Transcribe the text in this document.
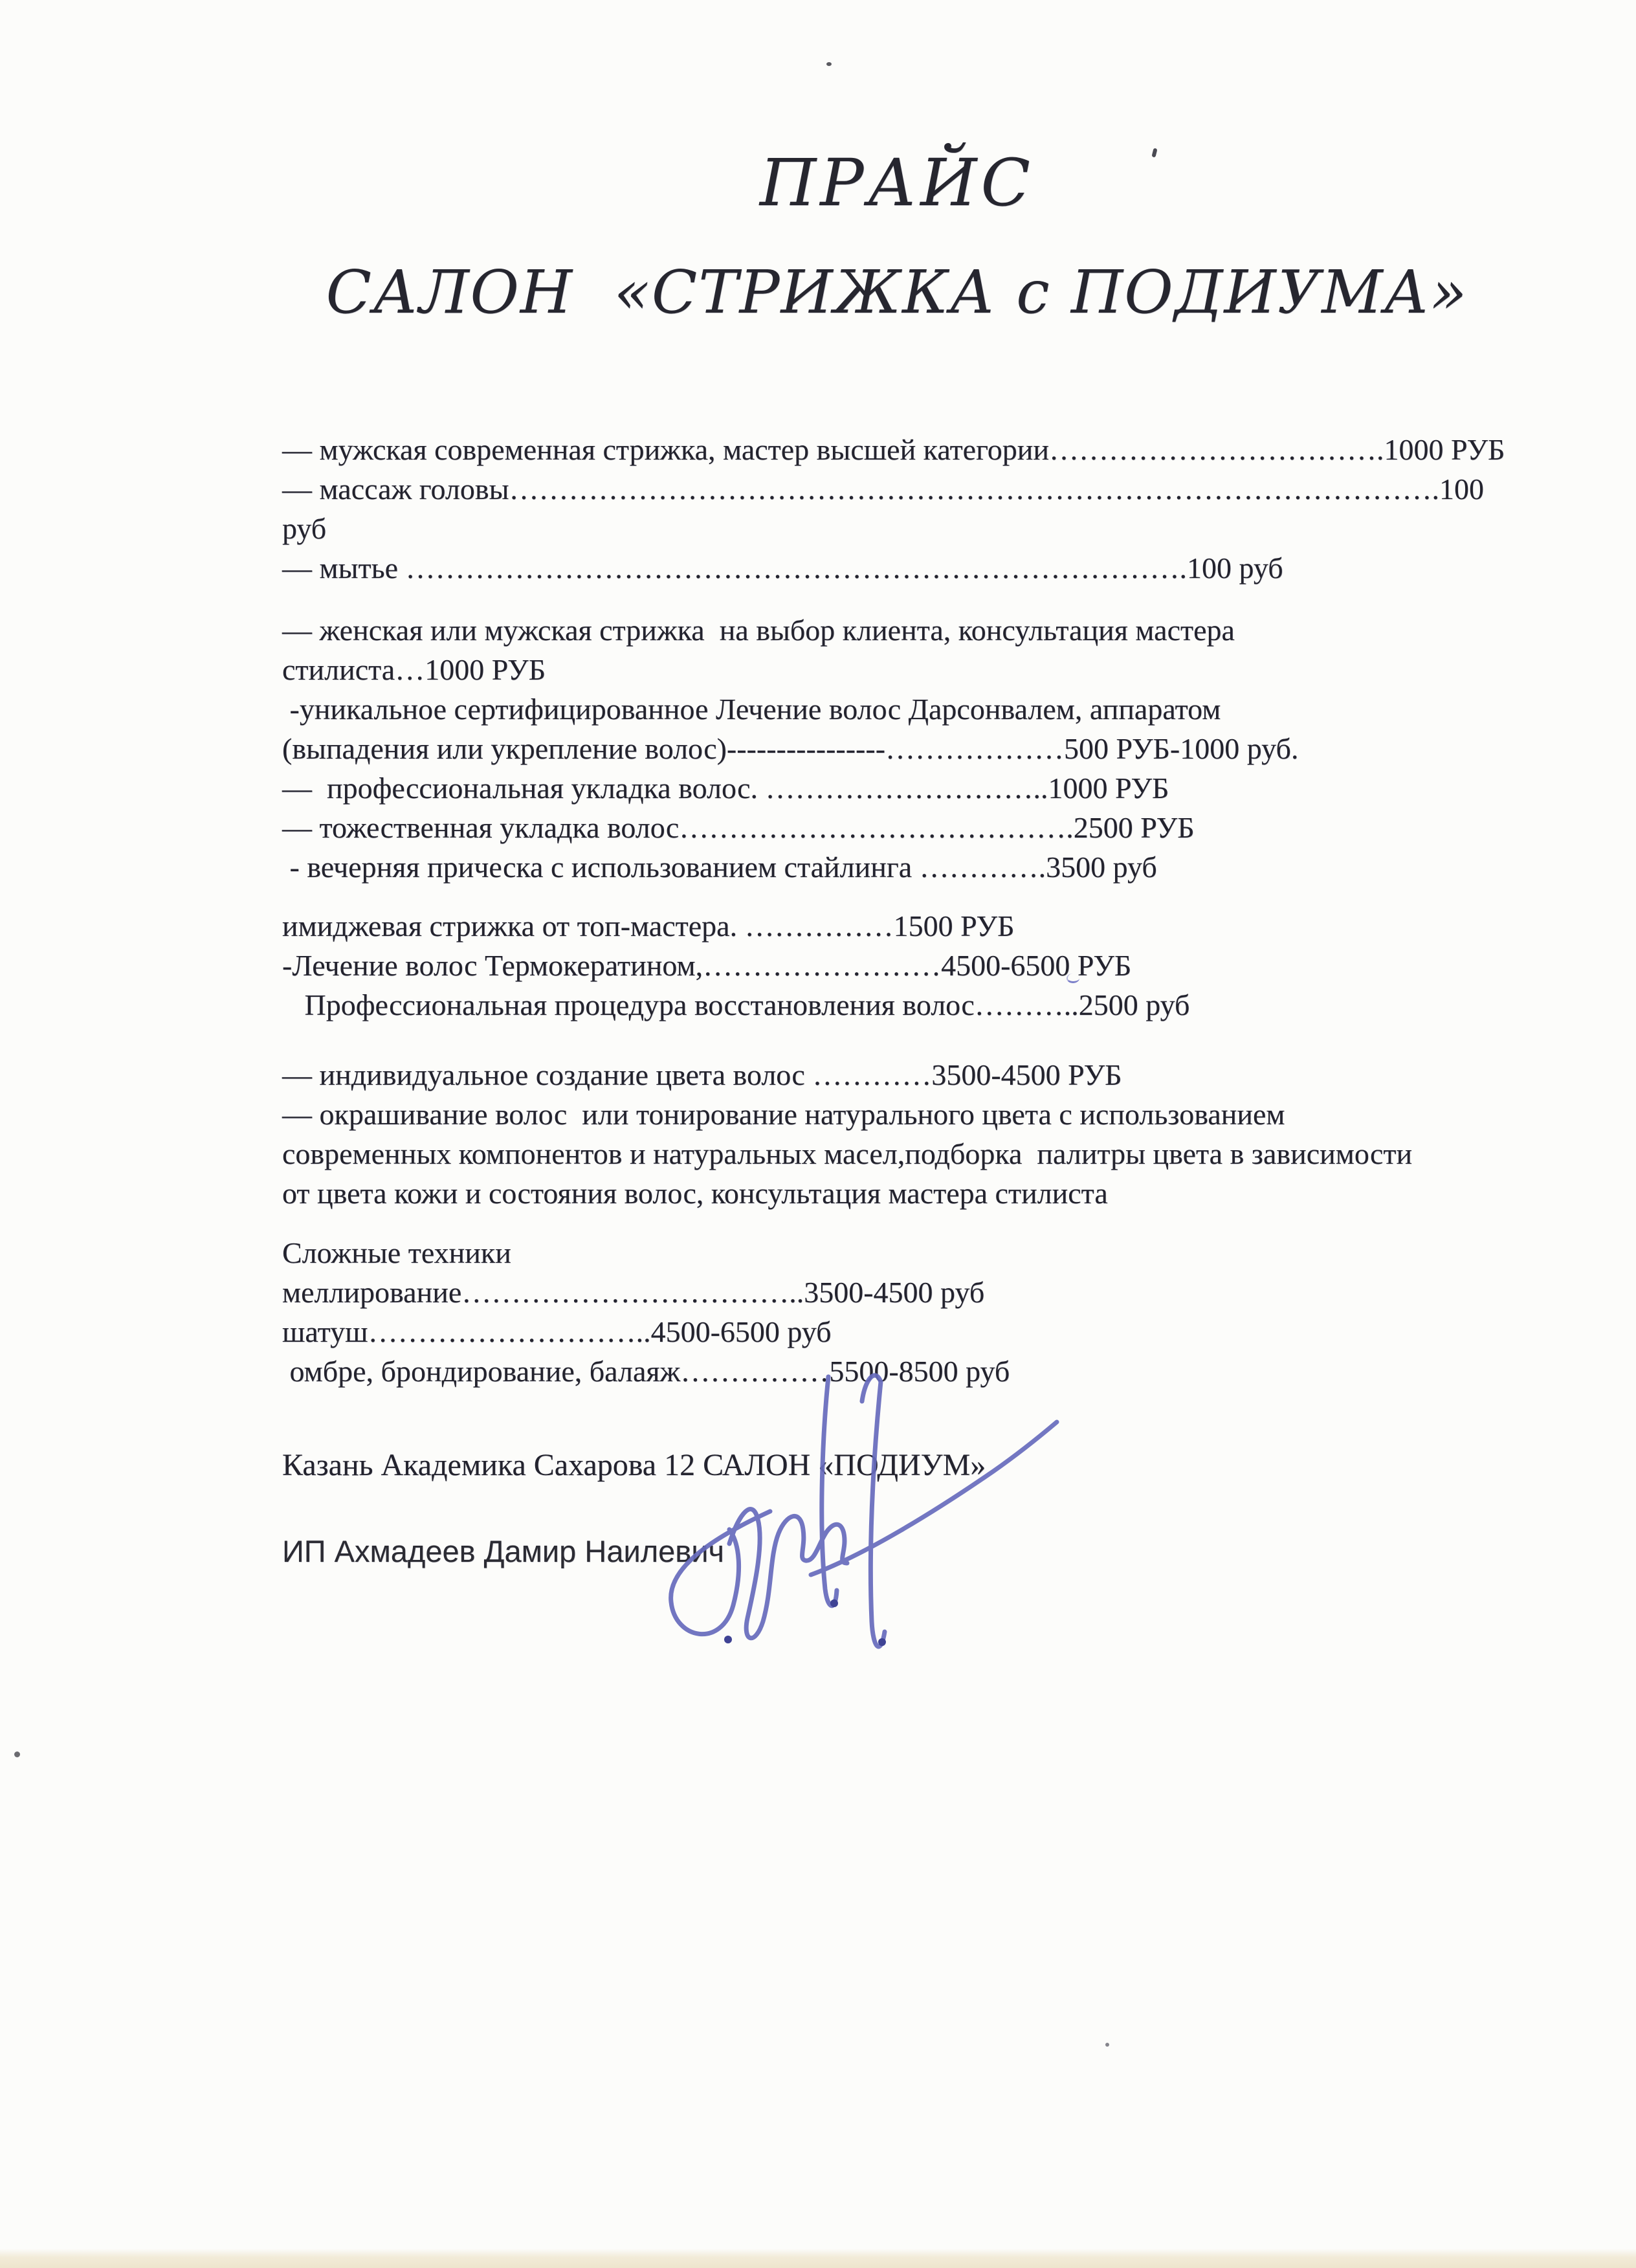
ПРАЙС
САЛОН  «СТРИЖКА с ПОДИУМА»
— мужская современная стрижка, мастер высшей категории…………………………….1000 РУБ
— массаж головы………………………………………………………………………………….100 руб
— мытье …………………………………………………………………….100 руб
— женская или мужская стрижка  на выбор клиента, консультация мастера
стилиста…1000 РУБ
-уникальное сертифицированное Лечение волос Дарсонвалем, аппаратом
(выпадения или укрепление волос)----------------………………500 РУБ-1000 руб.
—  профессиональная укладка волос. ………………………..1000 РУБ
— тожественная укладка волос………………………………….2500 РУБ
- вечерняя прическа с использованием стайлинга ………….3500 руб
имиджевая стрижка от топ-мастера. ……………1500 РУБ
-Лечение волос Термокератином,……………………4500-6500 РУБ
Профессиональная процедура восстановления волос………..2500 руб
— индивидуальное создание цвета волос …………3500-4500 РУБ
— окрашивание волос  или тонирование натурального цвета с использованием
современных компонентов и натуральных масел,подборка  палитры цвета в зависимости
от цвета кожи и состояния волос, консультация мастера стилиста
Сложные техники
меллирование……………………………..3500-4500 руб
шатуш………………………..4500-6500 руб
омбре, брондирование, балаяж……………5500-8500 руб
Казань Академика Сахарова 12 САЛОН «ПОДИУМ»
ИП Ахмадеев Дамир Наилевич
